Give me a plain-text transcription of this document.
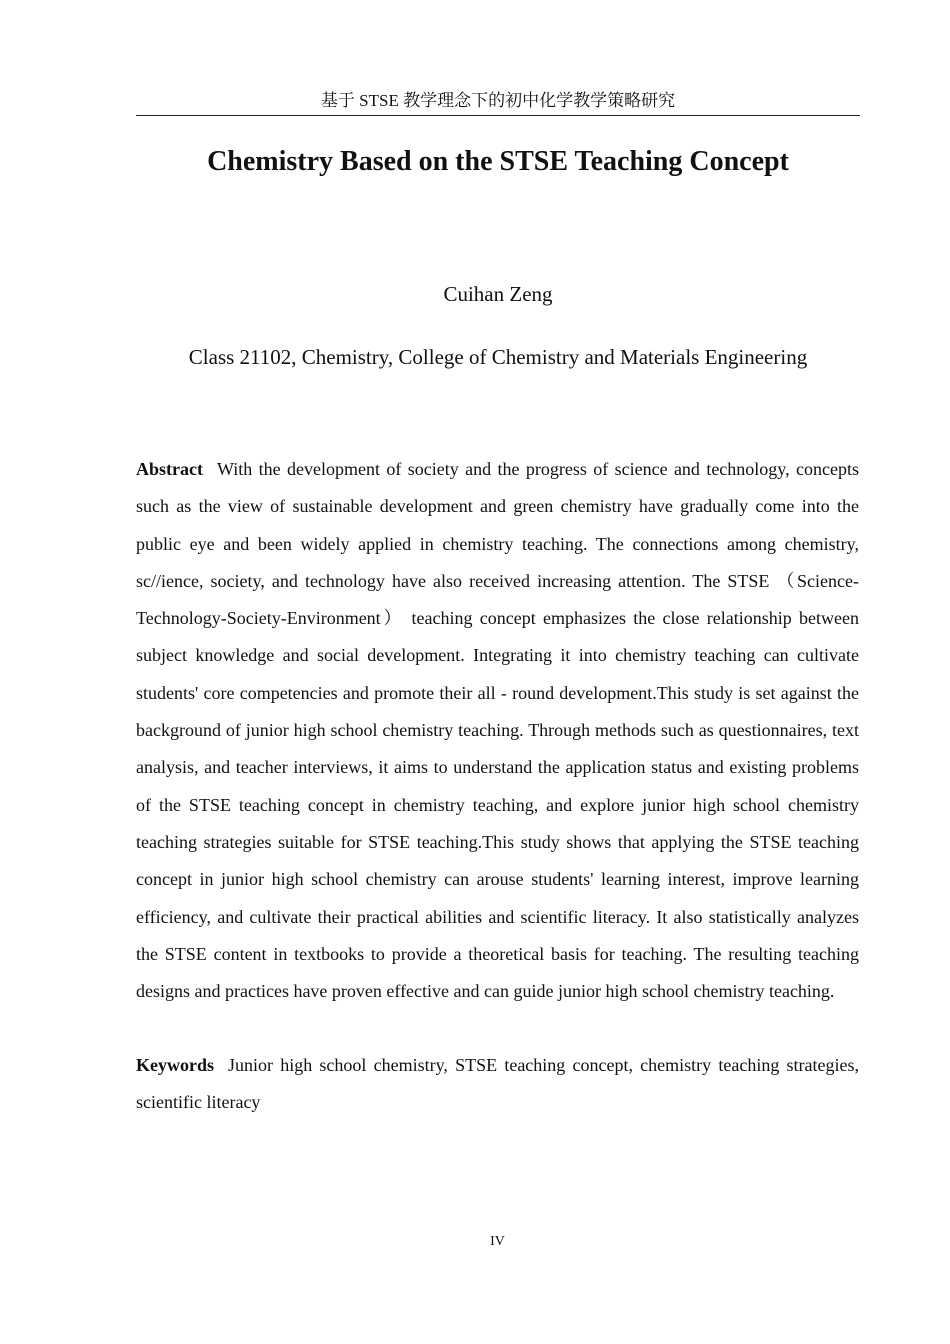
基于 STSE 教学理念下的初中化学教学策略研究
Chemistry Based on the STSE Teaching Concept
Cuihan Zeng
Class 21102, Chemistry, College of Chemistry and Materials Engineering

Abstract With the development of society and the progress of science and technology, concepts such as the view of sustainable development and green chemistry have gradually come into the public eye and been widely applied in chemistry teaching. The connections among chemistry, sc//ience, society, and technology have also received increasing attention. The STSE （Science-Technology-Society-Environment） teaching concept emphasizes the close relationship between subject knowledge and social development. Integrating it into chemistry teaching can cultivate students' core competencies and promote their all - round development.This study is set against the background of junior high school chemistry teaching. Through methods such as questionnaires, text analysis, and teacher interviews, it aims to understand the application status and existing problems of the STSE teaching concept in chemistry teaching, and explore junior high school chemistry teaching strategies suitable for STSE teaching.This study shows that applying the STSE teaching concept in junior high school chemistry can arouse students' learning interest, improve learning efficiency, and cultivate their practical abilities and scientific literacy. It also statistically analyzes the STSE content in textbooks to provide a theoretical basis for teaching. The resulting teaching designs and practices have proven effective and can guide junior high school chemistry teaching.

Keywords Junior high school chemistry, STSE teaching concept, chemistry teaching strategies, scientific literacy

IV
